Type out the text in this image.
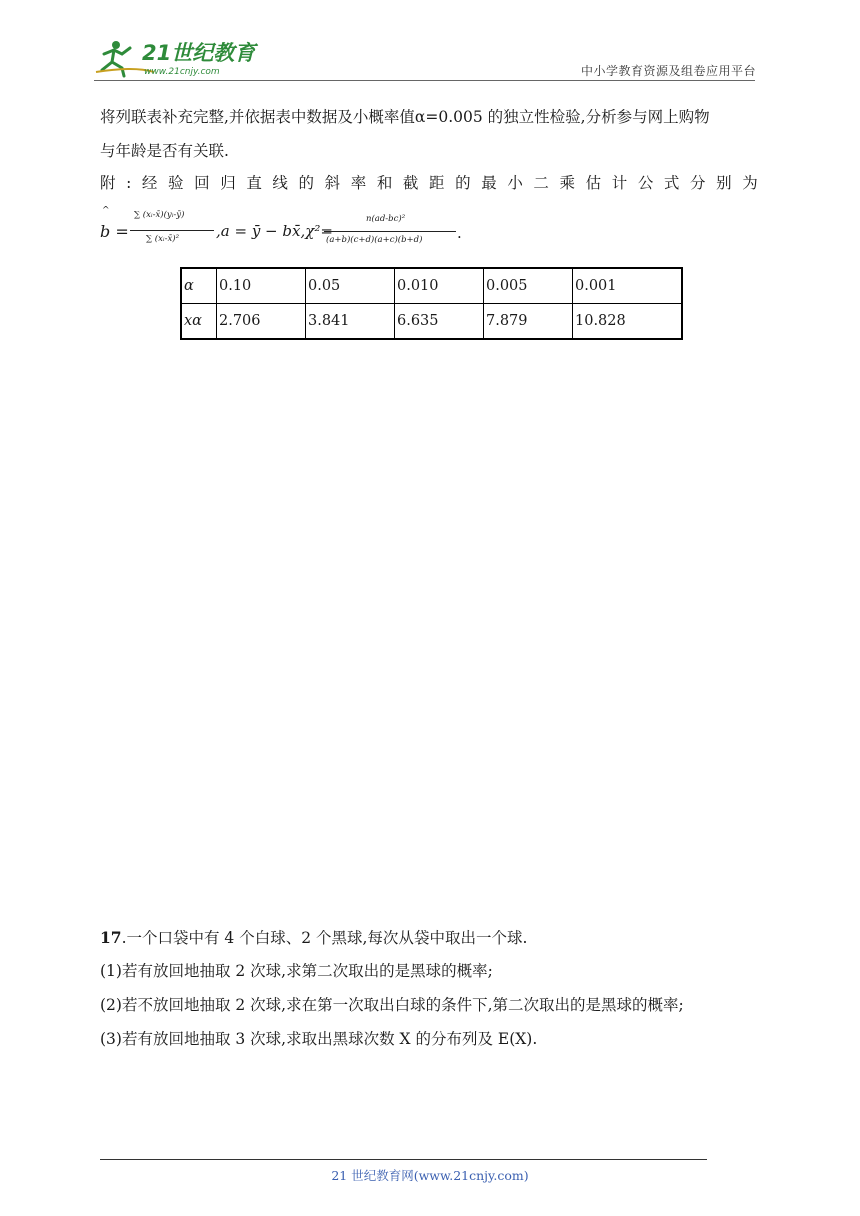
21世纪教育
www.21cnjy.com	中小学教育资源及组卷应用平台
将列联表补充完整,并依据表中数据及小概率值α=0.005 的独立性检验,分析参与网上购物
与年龄是否有关联.
附:经验回归直线的斜率和截距的最小二乘估计公式分别为
^
b =
∑ (xᵢ-x̄)(yᵢ-ȳ)
∑ (xᵢ-x̄)² ,a = ȳ − bx̄,χ²=
n(ad-bc)²
(a+b)(c+d)(a+c)(b+d) .
α	0.10	0.05	0.010	0.005	0.001
xα	2.706	3.841	6.635	7.879	10.828
17.一个口袋中有 4 个白球、2 个黑球,每次从袋中取出一个球.
(1)若有放回地抽取 2 次球,求第二次取出的是黑球的概率;
(2)若不放回地抽取 2 次球,求在第一次取出白球的条件下,第二次取出的是黑球的概率;
(3)若有放回地抽取 3 次球,求取出黑球次数 X 的分布列及 E(X).
21 世纪教育网(www.21cnjy.com)
